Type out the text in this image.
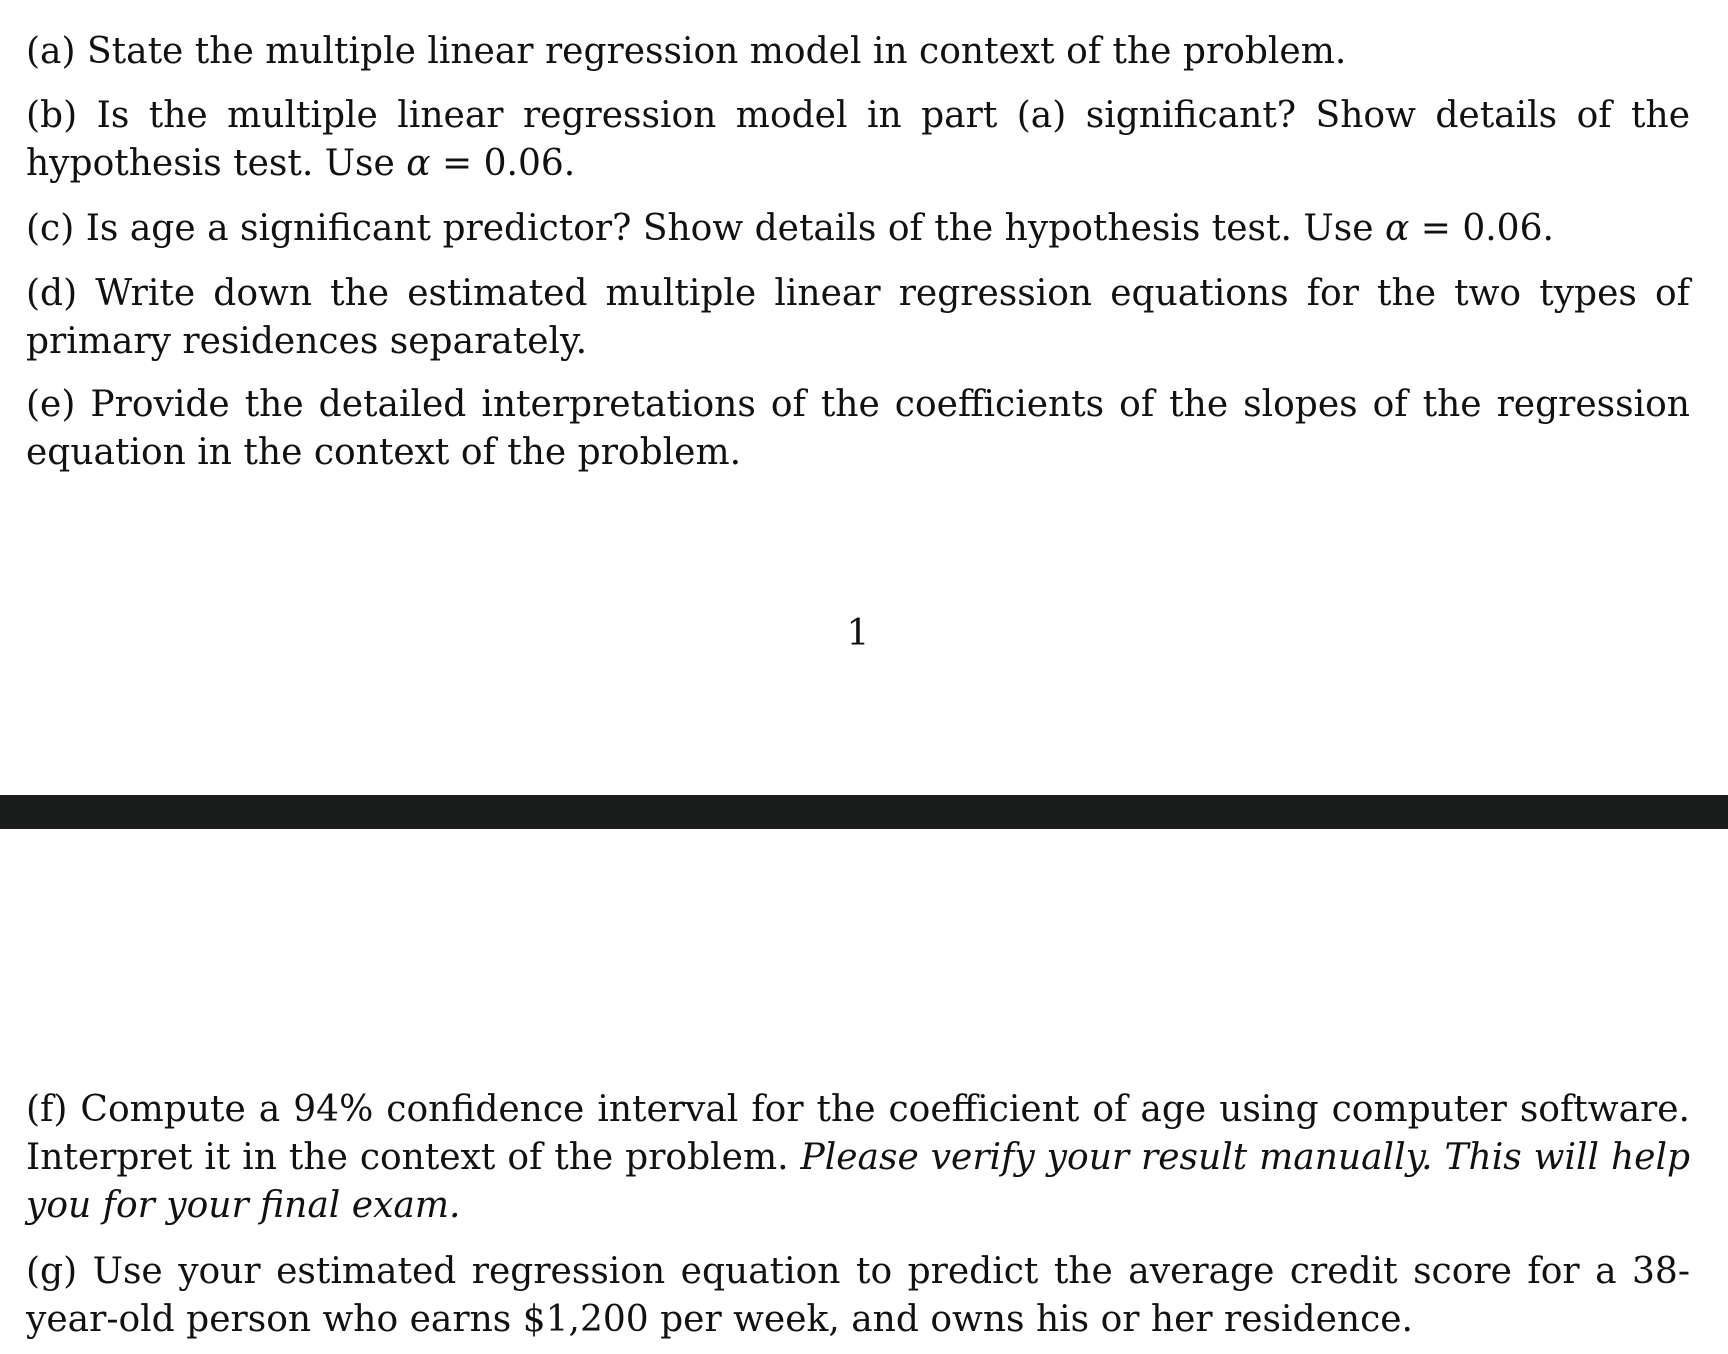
(a) State the multiple linear regression model in context of the problem.

(b) Is the multiple linear regression model in part (a) significant? Show details of the hypothesis test. Use α = 0.06.

(c) Is age a significant predictor? Show details of the hypothesis test. Use α = 0.06.

(d) Write down the estimated multiple linear regression equations for the two types of primary residences separately.

(e) Provide the detailed interpretations of the coefficients of the slopes of the regression equation in the context of the problem.

1

(f) Compute a 94% confidence interval for the coefficient of age using computer software. Interpret it in the context of the problem. Please verify your result manually. This will help you for your final exam.

(g) Use your estimated regression equation to predict the average credit score for a 38-year-old person who earns $1,200 per week, and owns his or her residence.
